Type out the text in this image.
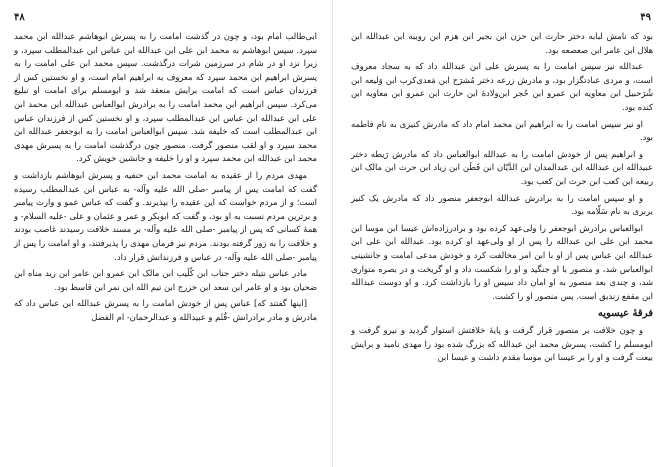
۴۹

بود که نامش لبابه دختر حارث ابن حزن ابن بجیر ابن هزم ابن رویبه ابن عبدالله ابن هلال ابن عامر ابن صعصعه بود.

عبدالله نیز سپس امامت را به پسرش علی ابن عبدالله داد که به سجاد معروف است، و مردی عبادتگزار بود، و مادرش زرعه دختر مُشرَح ابن مَعدی‌کرب ابن وَلیعه ابن شُرَحبیل ابن معاویه ابن عمرو ابن حُجر ابن‌ولادۀ ابن حارث ابن عمرو ابن معاویه ابن کنده بود.

او نیز سپس امامت را به ابراهیم ابن محمد امام داد که مادرش کنیزی به نام فاطمه بود.

و ابراهیم پس از خودش امامت را به عبدالله ابوالعباس داد که مادرش رَیطه دختر عبیدالله ابن عبدالله ابن عبدالمدان ابن الدَّیّان ابن قَطَن ابن زیاد ابن حرث ابن مالک ابن ربیعه ابن کعب ابن حرث ابن کعب بود.

و او سپس امامت را به برادرش عبدالله ابوجعفر منصور داد که مادرش یک کنیز بربری به نام سَلّامه بود.

ابوالعباس برادرش ابوجعفر را ولی‌عهد کرده بود و برادرزاده‌اش عیسا ابن موسا ابن محمد ابن علی ابن عبدالله را پس از او ولی‌عهد او کرده بود. عبدالله ابن علی ابن عبدالله ابن عباس پس از او با ابن امر مخالفت کرد و خودش مدعی امامت و جانشینی ابوالعباس شد، و منصور با او جنگید و او را شکست داد و او گریخت و در بصره متواری شد، و چندی بعد منصور به او امان داد سپس او را بازداشت کرد. و او دوست عبدالله ابن مقفع زندیق است. پس منصور او را کشت.

فرقۀ عیسویه

و چون خلافت بر منصور قرار گرفت و پایۀ خلافتش استوار گردید و نیرو گرفت و ابومسلم را کشت، پسرش محمد ابن عبدالله که بزرگ شده بود را مهدی نامید و برایش بیعت گرفت و او را بر عیسا ابن موسا مقدم داشت و عیسا ابن

۴۸

ابی‌طالب امام بود، و چون در گذشت امامت را به پسرش ابوهاشم عبدالله ابن محمد سپرد. سپس ابوهاشم به محمد ابن علی ابن عبدالله ابن عباس ابن عبدالمطلب سپرد، و زیرا نزد او در شام در سرزمین شرات درگذشت. سپس محمد ابن علی امامت را به پسرش ابراهیم ابن محمد سپرد که معروف به ابراهیم امام است، و او نخستین کس از فرزندان عباس است که امامت برایش منعقد شد و ابومسلم برای امامت او تبلیغ می‌کرد. سپس ابراهیم ابن محمد امامت را به برادرش ابوالعباس عبدالله ابن محمد ابن علی ابن عبدالله ابن عباس ابن عبدالمطلب سپرد، و او نخستین کس از فرزندان عباس ابن عبدالمطلب است که خلیفه شد. سپس ابوالعباس امامت را به ابوجعفر عبدالله ابن محمد سپرد و او لقب منصور گرفت. منصور چون درگذشت امامت را به پسرش مهدی محمد ابن عبدالله ابن محمد سپرد و او را خلیفه و جانشین خویش کرد.

مهدی مردم را از عقیده به امامت محمد ابن حنفیه و پسرش ابوهاشم بازداشت و گفت که امامت پس از پیامبر -صلی الله علیه وآله- به عباس ابن عبدالمطلب رسیده است؛ و از مردم خواست که این عقیده را بپذیرند. و گفت که عباس عمو و وارث پیامبر و برترین مردم نسبت به او بود، و گفت که ابوبکر و عمر و عثمان و علی -علیه السلام- و همۀ کسانی که پس از پیامبر -صلی الله علیه وآله- بر مسند خلافت رسیدند غاصب بودند و خلافت را به زور گرفته بودند. مردم نیز فرمان مهدی را پذیرفتند، و او امامت را پس از پیامبر -صلی الله علیه وآله- در عباس و فرزندانش قرار داد.

مادر عباس نتیله دختر جناب ابن کُلَیب ابن مالک ابن عمرو ابن عامر ابن زید مناه ابن ضحیان بود و او عامر ابن سعد ابن خزرج ابن تیم الله ابن نمر ابن قاسط بود.

[اینها گفتند که] عباس پس از خودش امامت را به پسرش عبدالله ابن عباس داد که مادرش و مادر برادرانش -قُثَم و عبیدالله و عبدالرحمان- ام الفضل
